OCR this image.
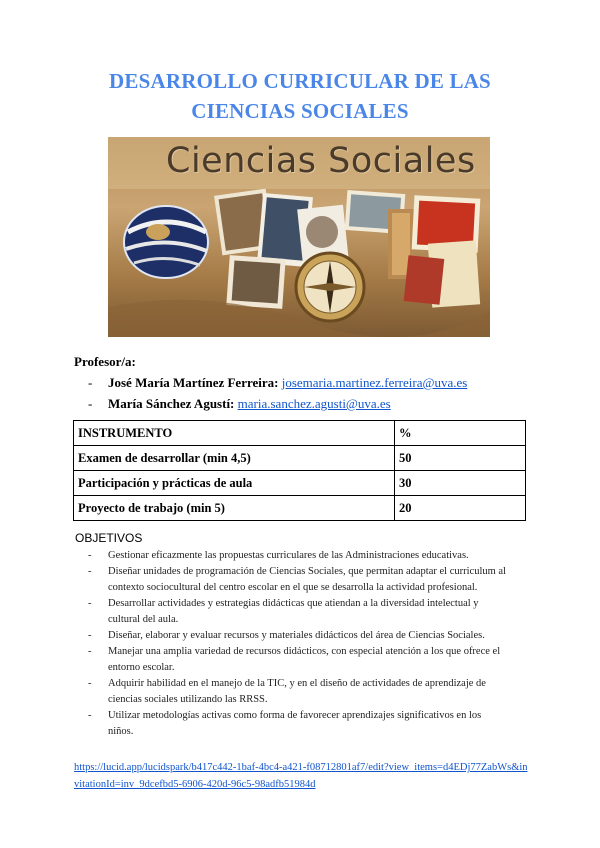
DESARROLLO CURRICULAR DE LAS
CIENCIAS SOCIALES
Ciencias Sociales
Profesor/a:
- José María Martínez Ferreira: josemaria.martinez.ferreira@uva.es
- María Sánchez Agustí: maria.sanchez.agusti@uva.es
INSTRUMENTO	%
Examen de desarrollar (min 4,5)	50
Participación y prácticas de aula	30
Proyecto de trabajo (min 5)	20
OBJETIVOS
-	Gestionar eficazmente las propuestas curriculares de las Administraciones educativas.
-	Diseñar unidades de programación de Ciencias Sociales, que permitan adaptar el curriculum al contexto sociocultural del centro escolar en el que se desarrolla la actividad profesional.
-	Desarrollar actividades y estrategias didácticas que atiendan a la diversidad intelectual y cultural del aula.
-	Diseñar, elaborar y evaluar recursos y materiales didácticos del área de Ciencias Sociales.
-	Manejar una amplia variedad de recursos didácticos, con especial atención a los que ofrece el entorno escolar.
-	Adquirir habilidad en el manejo de la TIC, y en el diseño de actividades de aprendizaje de ciencias sociales utilizando las RRSS.
-	Utilizar metodologías activas como forma de favorecer aprendizajes significativos en los niños.
https://lucid.app/lucidspark/b417c442-1baf-4bc4-a421-f08712801af7/edit?view_items=d4EDj77ZabWs&invitationId=inv_9dcefbd5-6906-420d-96c5-98adfb51984d
